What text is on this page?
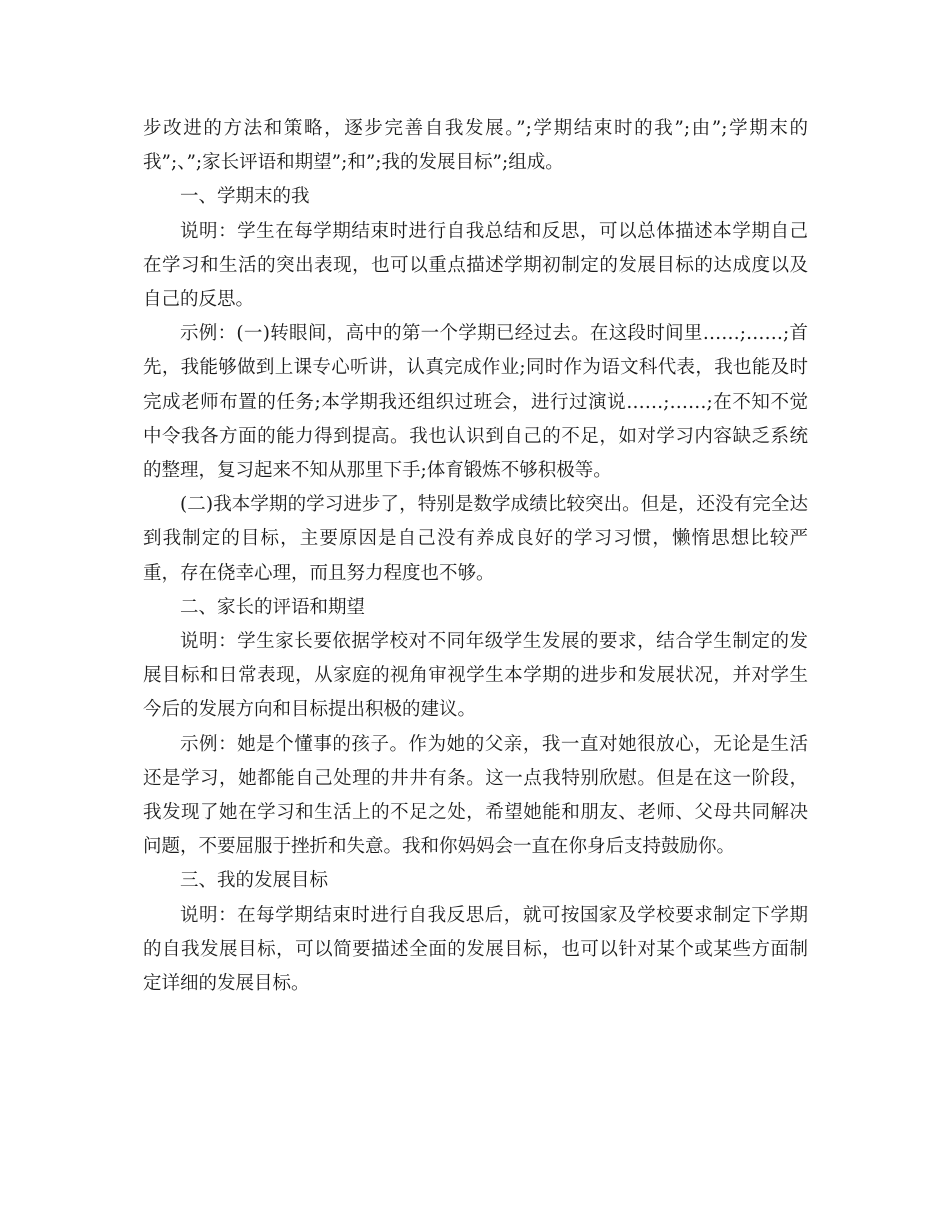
步改进的方法和策略，逐步完善自我发展。”;学期结束时的我”;由”;学期末的我”;、”;家长评语和期望”;和”;我的发展目标”;组成。

一、学期末的我

说明：学生在每学期结束时进行自我总结和反思，可以总体描述本学期自己在学习和生活的突出表现，也可以重点描述学期初制定的发展目标的达成度以及自己的反思。

示例：(一)转眼间，高中的第一个学期已经过去。在这段时间里……;……;首先，我能够做到上课专心听讲，认真完成作业;同时作为语文科代表，我也能及时完成老师布置的任务;本学期我还组织过班会，进行过演说……;……;在不知不觉中令我各方面的能力得到提高。我也认识到自己的不足，如对学习内容缺乏系统的整理，复习起来不知从那里下手;体育锻炼不够积极等。

(二)我本学期的学习进步了，特别是数学成绩比较突出。但是，还没有完全达到我制定的目标，主要原因是自己没有养成良好的学习习惯，懒惰思想比较严重，存在侥幸心理，而且努力程度也不够。

二、家长的评语和期望

说明：学生家长要依据学校对不同年级学生发展的要求，结合学生制定的发展目标和日常表现，从家庭的视角审视学生本学期的进步和发展状况，并对学生今后的发展方向和目标提出积极的建议。

示例：她是个懂事的孩子。作为她的父亲，我一直对她很放心，无论是生活还是学习，她都能自己处理的井井有条。这一点我特别欣慰。但是在这一阶段，我发现了她在学习和生活上的不足之处，希望她能和朋友、老师、父母共同解决问题，不要屈服于挫折和失意。我和你妈妈会一直在你身后支持鼓励你。

三、我的发展目标

说明：在每学期结束时进行自我反思后，就可按国家及学校要求制定下学期的自我发展目标，可以简要描述全面的发展目标，也可以针对某个或某些方面制定详细的发展目标。
